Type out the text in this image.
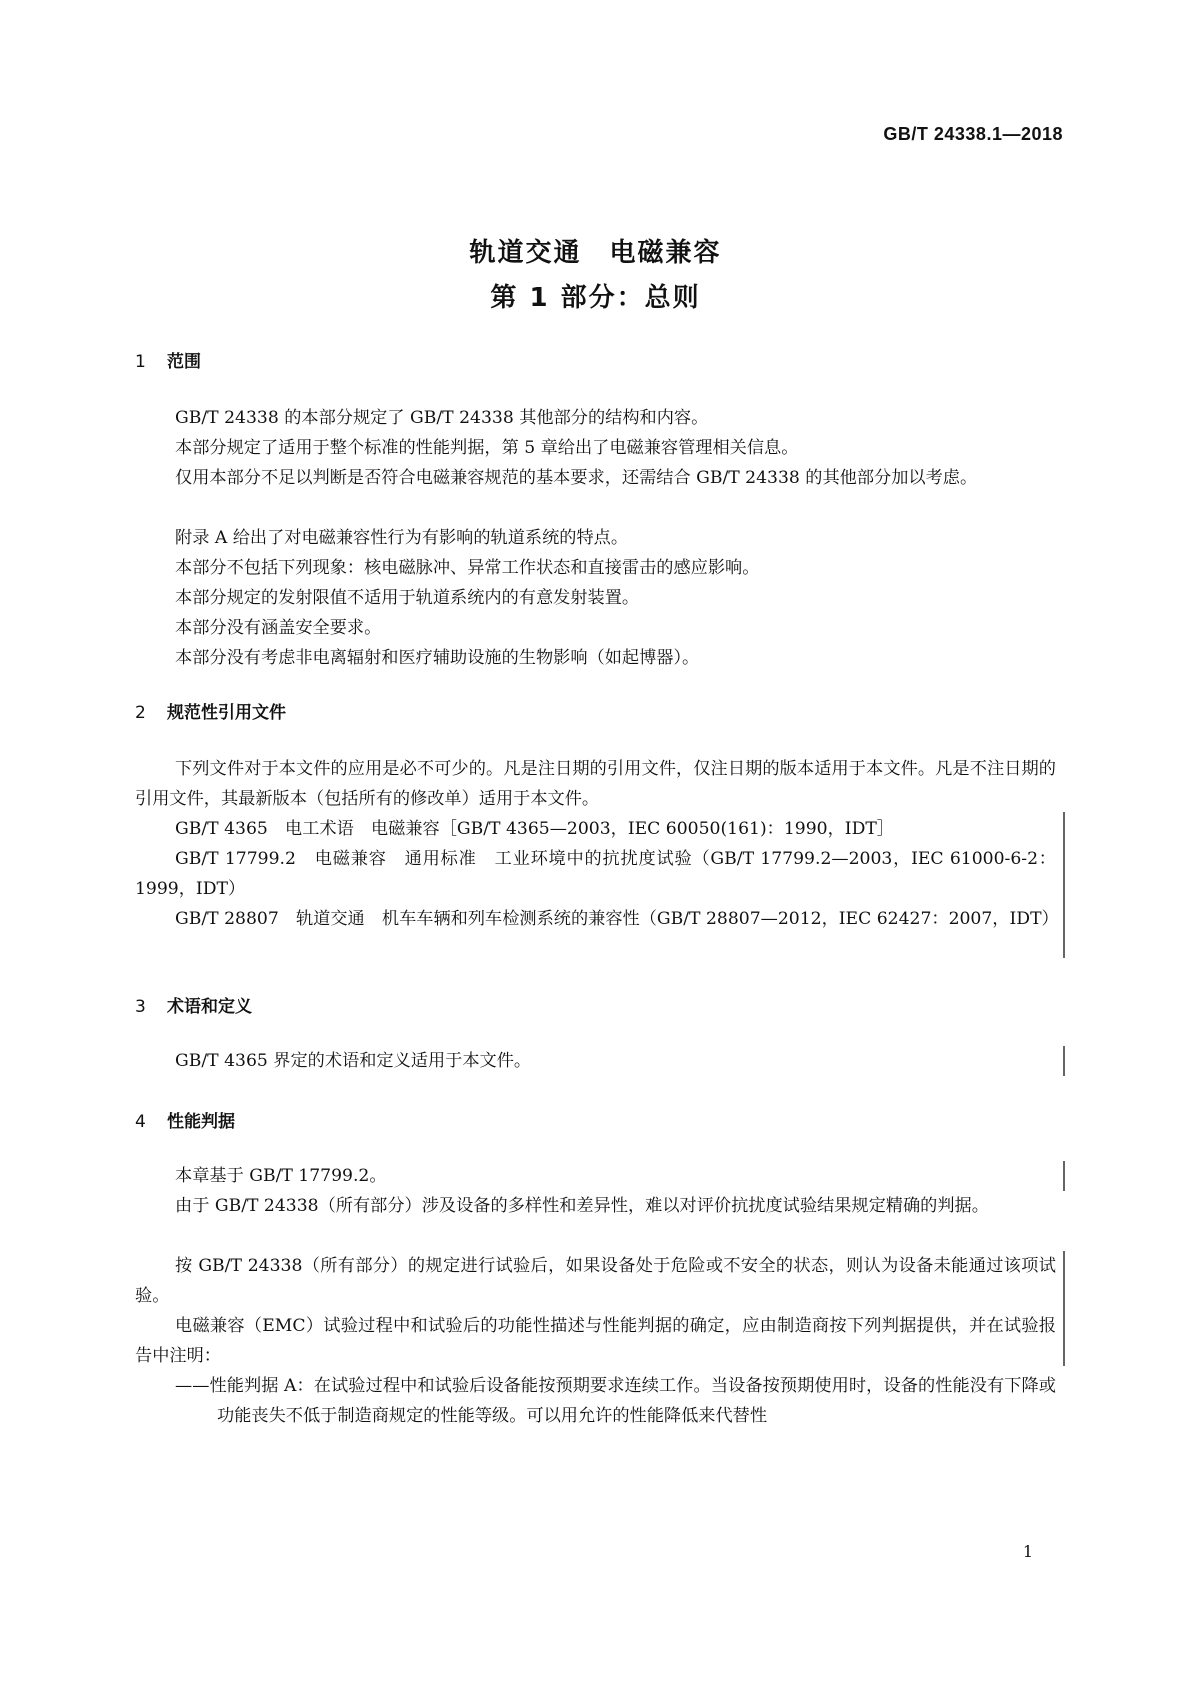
GB/T 24338.1—2018
轨道交通　电磁兼容
第 1 部分：总则
1 范围
GB/T 24338 的本部分规定了 GB/T 24338 其他部分的结构和内容。
本部分规定了适用于整个标准的性能判据，第 5 章给出了电磁兼容管理相关信息。
仅用本部分不足以判断是否符合电磁兼容规范的基本要求，还需结合 GB/T 24338 的其他部分加以考虑。
附录 A 给出了对电磁兼容性行为有影响的轨道系统的特点。
本部分不包括下列现象：核电磁脉冲、异常工作状态和直接雷击的感应影响。
本部分规定的发射限值不适用于轨道系统内的有意发射装置。
本部分没有涵盖安全要求。
本部分没有考虑非电离辐射和医疗辅助设施的生物影响（如起博器）。
2 规范性引用文件
下列文件对于本文件的应用是必不可少的。凡是注日期的引用文件，仅注日期的版本适用于本文件。凡是不注日期的引用文件，其最新版本（包括所有的修改单）适用于本文件。
GB/T 4365　电工术语　电磁兼容［GB/T 4365—2003，IEC 60050(161)：1990，IDT］
GB/T 17799.2　电磁兼容　通用标准　工业环境中的抗扰度试验（GB/T 17799.2—2003，IEC 61000-6-2：1999，IDT）
GB/T 28807　轨道交通　机车车辆和列车检测系统的兼容性（GB/T 28807—2012，IEC 62427：2007，IDT）
3 术语和定义
GB/T 4365 界定的术语和定义适用于本文件。
4 性能判据
本章基于 GB/T 17799.2。
由于 GB/T 24338（所有部分）涉及设备的多样性和差异性，难以对评价抗扰度试验结果规定精确的判据。
按 GB/T 24338（所有部分）的规定进行试验后，如果设备处于危险或不安全的状态，则认为设备未能通过该项试验。
电磁兼容（EMC）试验过程中和试验后的功能性描述与性能判据的确定，应由制造商按下列判据提供，并在试验报告中注明：
——性能判据 A：在试验过程中和试验后设备能按预期要求连续工作。当设备按预期使用时，设备的性能没有下降或功能丧失不低于制造商规定的性能等级。可以用允许的性能降低来代替性
1
